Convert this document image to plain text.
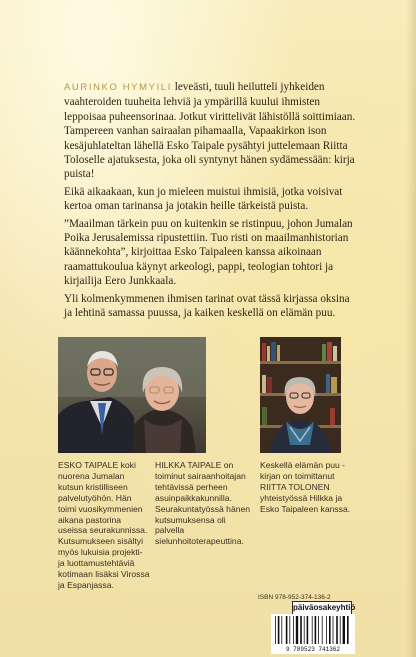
AURINKO HYMYILI leveästi, tuuli heilutteli jyhkeiden vaahteroiden tuuheita lehviä ja ympärillä kuului ihmisten leppoisaa puheensorinaa. Jotkut virittelivät lähistöllä soittimiaan. Tampereen vanhan sairaalan pihamaalla, Vapaakirkon ison kesäjuhlateltan lähellä Esko Taipale pysähtyi juttelemaan Riitta Toloselle ajatuksesta, joka oli syntynyt hänen sydämessään: kirja puista!

Eikä aikaakaan, kun jo mieleen muistui ihmisiä, jotka voisivat kertoa oman tarinansa ja jotakin heille tärkeistä puista.

”Maailman tärkein puu on kuitenkin se ristinpuu, johon Jumalan Poika Jerusalemissa ripustettiin. Tuo risti on maailmanhistorian käännekohta”, kirjoittaa Esko Taipaleen kanssa aikoinaan raamattukoulua käynyt arkeologi, pappi, teologian tohtori ja kirjailija Eero Junkkaala.

Yli kolmenkymmenen ihmisen tarinat ovat tässä kirjassa oksina ja lehtinä samassa puussa, ja kaiken keskellä on elämän puu.

ESKO TAIPALE koki nuorena Jumalan kutsun kristilliseen palvelutyöhön. Hän toimi vuosikymmenien aikana pastorina useissa seurakunnissa. Kutsumukseen sisältyi myös lukuisia projekti- ja luottamustehtäviä kotimaan lisäksi Virossa ja Espanjassa.

HILKKA TAIPALE on toiminut sairaanhoitajan tehtävissä perheen asuinpaikkakunnilla. Seurakuntatyössä hänen kutsumuksensa oli palvella sielunhoitoterapeuttina.

Keskellä elämän puu -kirjan on toimittanut RIITTA TOLONEN yhteistyössä Hilkka ja Esko Taipaleen kanssa.

ISBN 978-952-374-136-2
päiväosakeyhtiö
9 789523 741362
